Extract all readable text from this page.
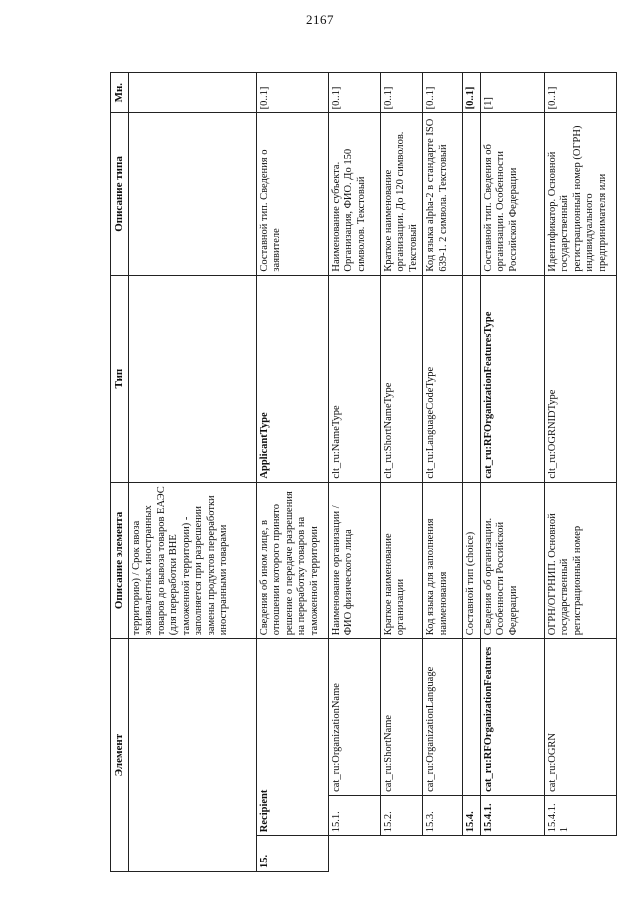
2167
Элемент			Описание элемента	Тип	Описание типа	Мн.
			территорию) / Срок ввоза эквивалентных иностранных товаров до вывоза товаров ЕАЭС (для переработки ВНЕ таможенной территории) - заполняется при разрешении замены продуктов переработки иностранными товарами			
15.	Recipient		Сведения об ином лице, в отношении которого принято решение о передаче разрешения на переработку товаров на таможенной территории	ApplicantType	Составной тип. Сведения о заявителе	[0..1]
	15.1.	cat_ru:OrganizationName	Наименование организации / ФИО физического лица	clt_ru:NameType	Наименование субъекта. Организация, ФИО. До 150 символов. Текстовый	[0..1]
	15.2.	cat_ru:ShortName	Краткое наименование организации	clt_ru:ShortNameType	Краткое наименование организации. До 120 символов. Текстовый	[0..1]
	15.3.	cat_ru:OrganizationLanguage	Код языка для заполнения наименования	clt_ru:LanguageCodeType	Код языка alpha-2 в стандарте ISO 639-1. 2 символа. Текстовый	[0..1]
	15.4.		Составной тип (choice)			[0..1]
	15.4.1.	cat_ru:RFOrganizationFeatures	Сведения об организации. Особенности Российской Федерации	cat_ru:RFOrganizationFeaturesType	Составной тип. Сведения об организации. Особенности Российской Федерации	[1]
	15.4.1.1	cat_ru:OGRN	ОГРН/ОГРНИП. Основной государственный регистрационный номер	clt_ru:OGRNIDType	Идентификатор. Основной государственный регистрационный номер (ОГРН) индивидуального предпринимателя или	[0..1]
